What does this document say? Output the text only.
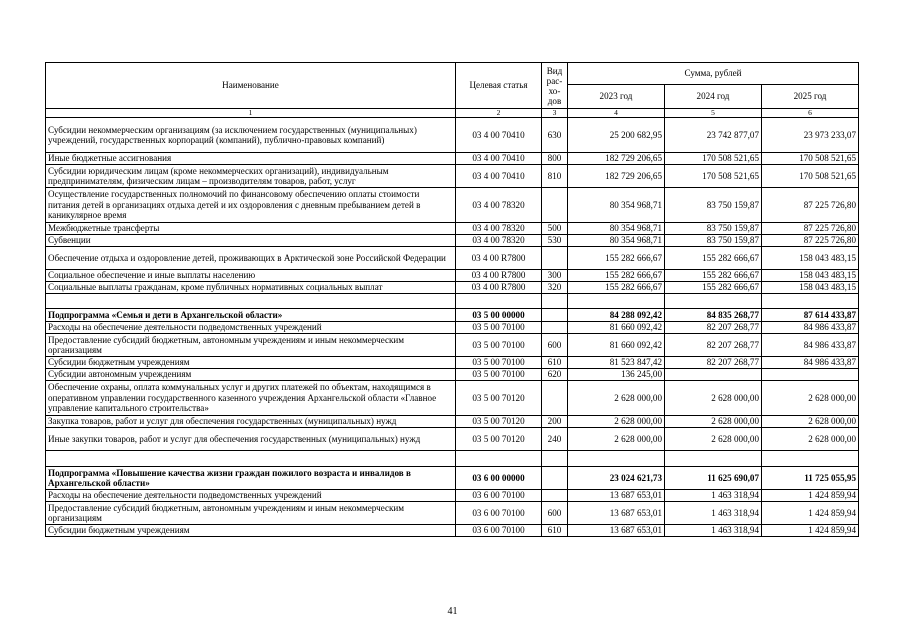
Наименование	Целевая статья	Вид рас-хо-дов	Сумма, рублей		
			2023 год	2024 год	2025 год
1	2	3	4	5	6
Субсидии некоммерческим организациям (за исключением государственных (муниципальных) учреждений, государственных корпораций (компаний), публично-правовых компаний)	03 4 00 70410	630	25 200 682,95	23 742 877,07	23 973 233,07
Иные бюджетные ассигнования	03 4 00 70410	800	182 729 206,65	170 508 521,65	170 508 521,65
Субсидии юридическим лицам (кроме некоммерческих организаций), индивидуальным предпринимателям, физическим лицам – производителям товаров, работ, услуг	03 4 00 70410	810	182 729 206,65	170 508 521,65	170 508 521,65
Осуществление государственных полномочий по финансовому обеспечению оплаты стоимости питания детей в организациях отдыха детей и их оздоровления с дневным пребыванием детей в каникулярное время	03 4 00 78320		80 354 968,71	83 750 159,87	87 225 726,80
Межбюджетные трансферты	03 4 00 78320	500	80 354 968,71	83 750 159,87	87 225 726,80
Субвенции	03 4 00 78320	530	80 354 968,71	83 750 159,87	87 225 726,80
Обеспечение отдыха и оздоровление детей, проживающих в Арктической зоне Российской Федерации	03 4 00 R7800		155 282 666,67	155 282 666,67	158 043 483,15
Социальное обеспечение и иные выплаты населению	03 4 00 R7800	300	155 282 666,67	155 282 666,67	158 043 483,15
Социальные выплаты гражданам, кроме публичных нормативных социальных выплат	03 4 00 R7800	320	155 282 666,67	155 282 666,67	158 043 483,15

Подпрограмма «Семья и дети в Архангельской области»	03 5 00 00000		84 288 092,42	84 835 268,77	87 614 433,87
Расходы на обеспечение деятельности подведомственных учреждений	03 5 00 70100		81 660 092,42	82 207 268,77	84 986 433,87
Предоставление субсидий бюджетным, автономным учреждениям и иным некоммерческим организациям	03 5 00 70100	600	81 660 092,42	82 207 268,77	84 986 433,87
Субсидии бюджетным учреждениям	03 5 00 70100	610	81 523 847,42	82 207 268,77	84 986 433,87
Субсидии автономным учреждениям	03 5 00 70100	620	136 245,00		
Обеспечение охраны, оплата коммунальных услуг и других платежей по объектам, находящимся в оперативном управлении государственного казенного учреждения Архангельской области «Главное управление капитального строительства»	03 5 00 70120		2 628 000,00	2 628 000,00	2 628 000,00
Закупка товаров, работ и услуг для обеспечения государственных (муниципальных) нужд	03 5 00 70120	200	2 628 000,00	2 628 000,00	2 628 000,00
Иные закупки товаров, работ и услуг для обеспечения государственных (муниципальных) нужд	03 5 00 70120	240	2 628 000,00	2 628 000,00	2 628 000,00

Подпрограмма «Повышение качества жизни граждан пожилого возраста и инвалидов в Архангельской области»	03 6 00 00000		23 024 621,73	11 625 690,07	11 725 055,95
Расходы на обеспечение деятельности подведомственных учреждений	03 6 00 70100		13 687 653,01	1 463 318,94	1 424 859,94
Предоставление субсидий бюджетным, автономным учреждениям и иным некоммерческим организациям	03 6 00 70100	600	13 687 653,01	1 463 318,94	1 424 859,94
Субсидии бюджетным учреждениям	03 6 00 70100	610	13 687 653,01	1 463 318,94	1 424 859,94
41
